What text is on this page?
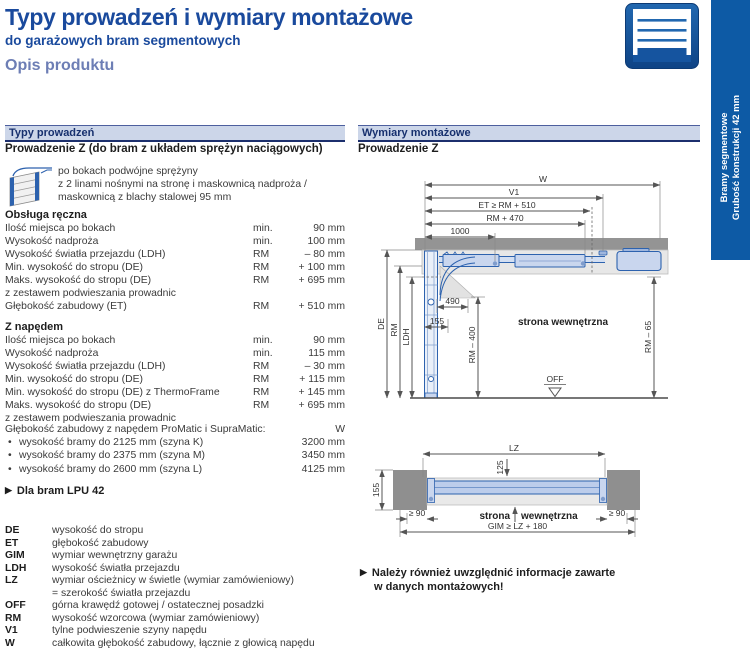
Typy prowadzeń i wymiary montażowe
do garażowych bram segmentowych
Opis produktu
Bramy segmentowe Grubość konstrukcji 42 mm
Typy prowadzeń
Prowadzenie Z (do bram z układem sprężyn naciągowych)
po bokach podwójne sprężyny
z 2 linami nośnymi na stronę i maskownicą nadproża /
maskownicą z blachy stalowej 95 mm
Obsługa ręczna
Ilość miejsca po bokach	min.	90 mm
Wysokość nadproża	min.	100 mm
Wysokość światła przejazdu (LDH)	RM	– 80 mm
Min. wysokość do stropu (DE)	RM	+ 100 mm
Maks. wysokość do stropu (DE)	RM	+ 695 mm
z zestawem podwieszania prowadnic
Głębokość zabudowy (ET)	RM	+ 510 mm
Z napędem
Ilość miejsca po bokach	min.	90 mm
Wysokość nadproża	min.	115 mm
Wysokość światła przejazdu (LDH)	RM	– 30 mm
Min. wysokość do stropu (DE)	RM	+ 115 mm
Min. wysokość do stropu (DE) z ThermoFrame	RM	+ 145 mm
Maks. wysokość do stropu (DE)	RM	+ 695 mm
z zestawem podwieszania prowadnic
Głębokość zabudowy z napędem ProMatic i SupraMatic:	W
• wysokość bramy do 2125 mm (szyna K)	3200 mm
• wysokość bramy do 2375 mm (szyna M)	3450 mm
• wysokość bramy do 2600 mm (szyna L)	4125 mm
▶ Dla bram LPU 42
DE	wysokość do stropu
ET	głębokość zabudowy
GIM	wymiar wewnętrzny garażu
LDH	wysokość światła przejazdu
LZ	wymiar ościeżnicy w świetle (wymiar zamówieniowy)
= szerokość światła przejazdu
OFF	górna krawędź gotowej / ostatecznej posadzki
RM	wysokość wzorcowa (wymiar zamówieniowy)
V1	tylne podwieszenie szyny napędu
W	całkowita głębokość zabudowy, łącznie z głowicą napędu
Wymiary montażowe
Prowadzenie Z
W
V1
ET ≥ RM + 510
RM + 470
1000
490
155
DE RM LDH	RM – 400	RM – 65
strona wewnętrzna
OFF
LZ
125
155
≥ 90	≥ 90
GIM ≥ LZ + 180
strona wewnętrzna
▶ Należy również uwzględnić informacje zawarte
w danych montażowych!
